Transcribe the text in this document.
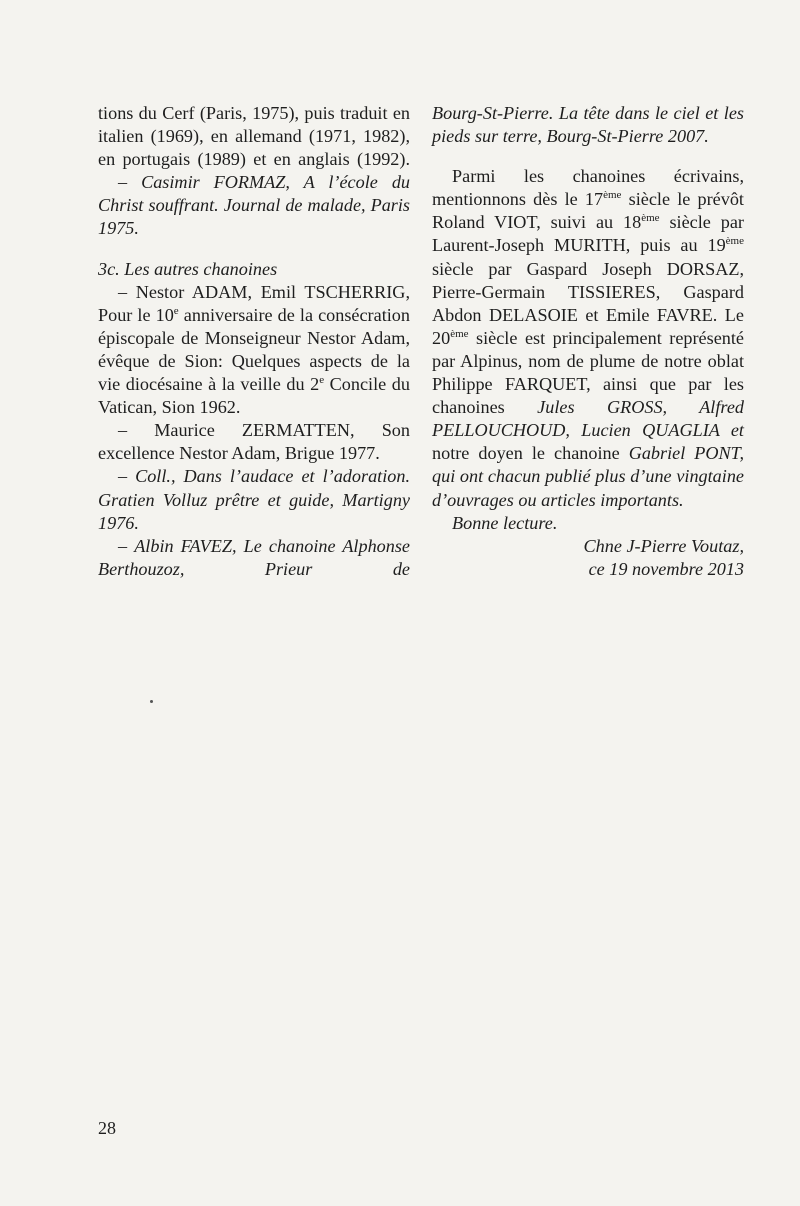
tions du Cerf (Paris, 1975), puis traduit en italien (1969), en allemand (1971, 1982), en portugais (1989) et en anglais (1992).

– Casimir FORMAZ, A l’école du Christ souffrant. Journal de malade, Paris 1975.

3c. Les autres chanoines

– Nestor ADAM, Emil TSCHERRIG, Pour le 10e anniversaire de la consécration épiscopale de Monseigneur Nestor Adam, évêque de Sion: Quelques aspects de la vie diocésaine à la veille du 2e Concile du Vatican, Sion 1962.

– Maurice ZERMATTEN, Son excellence Nestor Adam, Brigue 1977.

– Coll., Dans l’audace et l’adoration. Gratien Volluz prêtre et guide, Martigny 1976.

– Albin FAVEZ, Le chanoine Alphonse Berthouzoz, Prieur de

Bourg-St-Pierre. La tête dans le ciel et les pieds sur terre, Bourg-St-Pierre 2007.

Parmi les chanoines écrivains, mentionnons dès le 17ème siècle le prévôt Roland VIOT, suivi au 18ème siècle par Laurent-Joseph MURITH, puis au 19ème siècle par Gaspard Joseph DORSAZ, Pierre-Germain TISSIERES, Gaspard Abdon DELASOIE et Emile FAVRE. Le 20ème siècle est principalement représenté par Alpinus, nom de plume de notre oblat Philippe FARQUET, ainsi que par les chanoines Jules GROSS, Alfred PELLOUCHOUD, Lucien QUAGLIA et notre doyen le chanoine Gabriel PONT, qui ont chacun publié plus d’une vingtaine d’ouvrages ou articles importants.

Bonne lecture.

Chne J-Pierre Voutaz,

ce 19 novembre 2013

28
